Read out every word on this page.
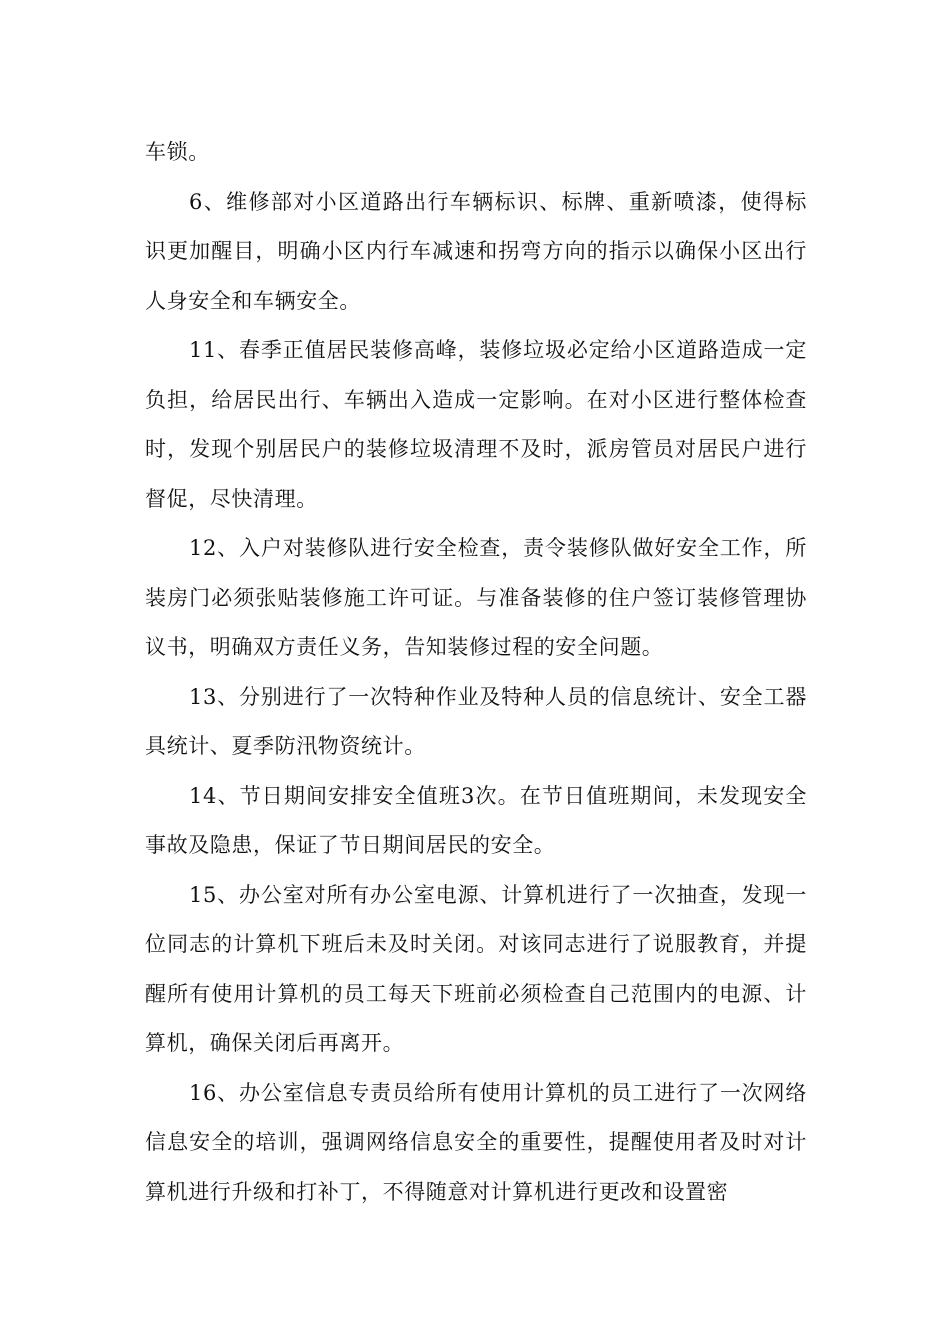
车锁。

6、维修部对小区道路出行车辆标识、标牌、重新喷漆，使得标识更加醒目，明确小区内行车减速和拐弯方向的指示以确保小区出行人身安全和车辆安全。

11、春季正值居民装修高峰，装修垃圾必定给小区道路造成一定负担，给居民出行、车辆出入造成一定影响。在对小区进行整体检查时，发现个别居民户的装修垃圾清理不及时，派房管员对居民户进行督促，尽快清理。

12、入户对装修队进行安全检查，责令装修队做好安全工作，所装房门必须张贴装修施工许可证。与准备装修的住户签订装修管理协议书，明确双方责任义务，告知装修过程的安全问题。

13、分别进行了一次特种作业及特种人员的信息统计、安全工器具统计、夏季防汛物资统计。

14、节日期间安排安全值班3次。在节日值班期间，未发现安全事故及隐患，保证了节日期间居民的安全。

15、办公室对所有办公室电源、计算机进行了一次抽查，发现一位同志的计算机下班后未及时关闭。对该同志进行了说服教育，并提醒所有使用计算机的员工每天下班前必须检查自己范围内的电源、计算机，确保关闭后再离开。

16、办公室信息专责员给所有使用计算机的员工进行了一次网络信息安全的培训，强调网络信息安全的重要性，提醒使用者及时对计算机进行升级和打补丁，不得随意对计算机进行更改和设置密
